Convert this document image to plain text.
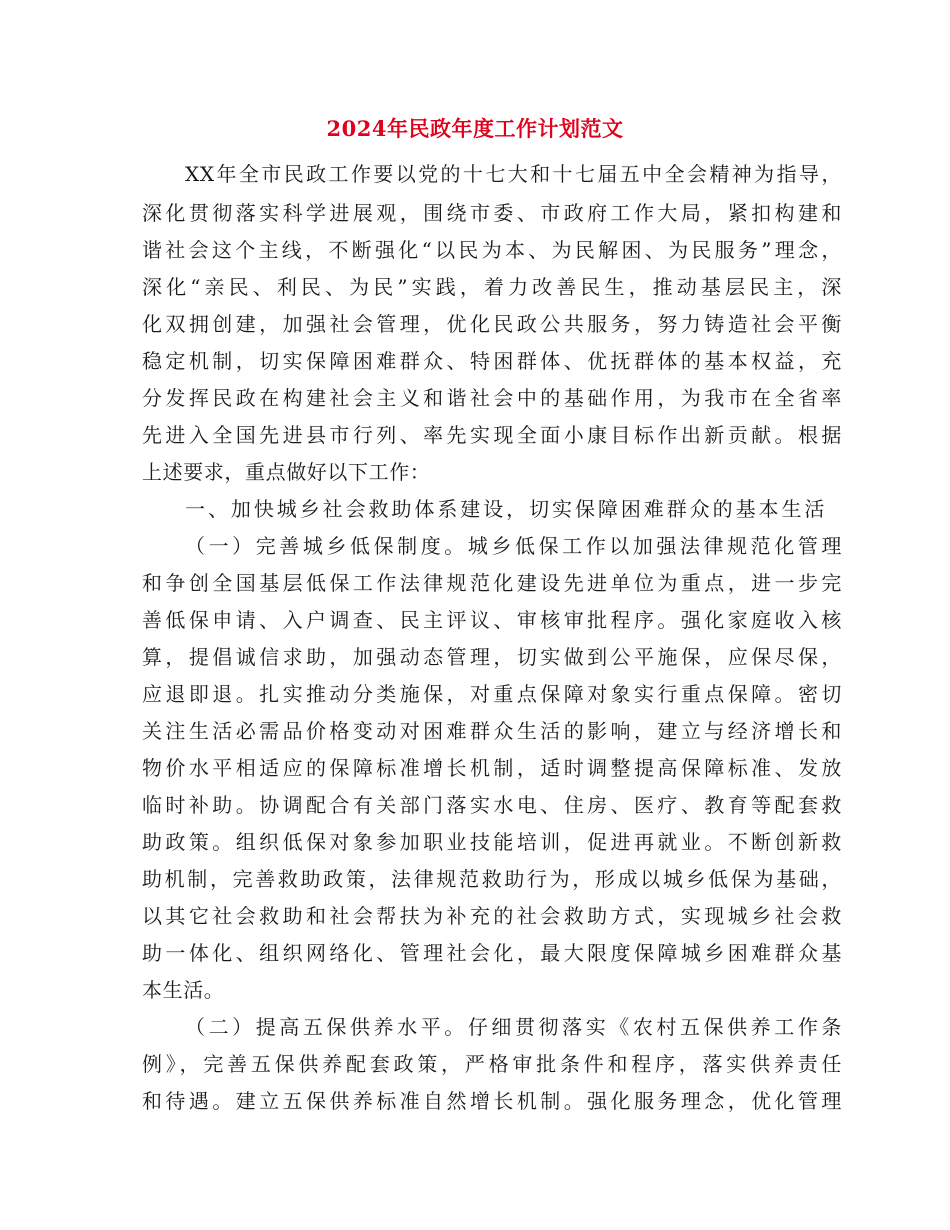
2024年民政年度工作计划范文
XX年全市民政工作要以党的十七大和十七届五中全会精神为指导，
深化贯彻落实科学进展观，围绕市委、市政府工作大局，紧扣构建和
谐社会这个主线，不断强化“以民为本、为民解困、为民服务”理念，
深化“亲民、利民、为民”实践，着力改善民生，推动基层民主，深
化双拥创建，加强社会管理，优化民政公共服务，努力铸造社会平衡
稳定机制，切实保障困难群众、特困群体、优抚群体的基本权益，充
分发挥民政在构建社会主义和谐社会中的基础作用，为我市在全省率
先进入全国先进县市行列、率先实现全面小康目标作出新贡献。根据
上述要求，重点做好以下工作：
一、加快城乡社会救助体系建设，切实保障困难群众的基本生活
（一）完善城乡低保制度。城乡低保工作以加强法律规范化管理
和争创全国基层低保工作法律规范化建设先进单位为重点，进一步完
善低保申请、入户调查、民主评议、审核审批程序。强化家庭收入核
算，提倡诚信求助，加强动态管理，切实做到公平施保，应保尽保，
应退即退。扎实推动分类施保，对重点保障对象实行重点保障。密切
关注生活必需品价格变动对困难群众生活的影响，建立与经济增长和
物价水平相适应的保障标准增长机制，适时调整提高保障标准、发放
临时补助。协调配合有关部门落实水电、住房、医疗、教育等配套救
助政策。组织低保对象参加职业技能培训，促进再就业。不断创新救
助机制，完善救助政策，法律规范救助行为，形成以城乡低保为基础，
以其它社会救助和社会帮扶为补充的社会救助方式，实现城乡社会救
助一体化、组织网络化、管理社会化，最大限度保障城乡困难群众基
本生活。
（二）提高五保供养水平。仔细贯彻落实《农村五保供养工作条
例》，完善五保供养配套政策，严格审批条件和程序，落实供养责任
和待遇。建立五保供养标准自然增长机制。强化服务理念，优化管理
